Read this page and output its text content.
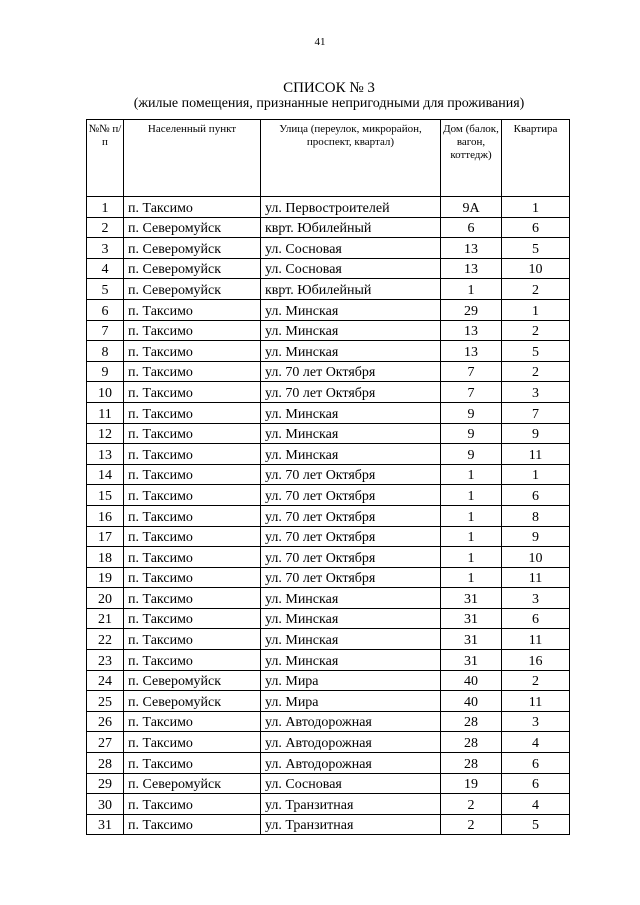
41
СПИСОК № 3
(жилые помещения, признанные непригодными для проживания)
№№ п/п	Населенный пункт	Улица (переулок, микрорайон, проспект, квартал)	Дом (балок, вагон, коттедж)	Квартира
1	п. Таксимо	ул. Первостроителей	9А	1
2	п. Северомуйск	кврт. Юбилейный	6	6
3	п. Северомуйск	ул. Сосновая	13	5
4	п. Северомуйск	ул. Сосновая	13	10
5	п. Северомуйск	кврт. Юбилейный	1	2
6	п. Таксимо	ул. Минская	29	1
7	п. Таксимо	ул. Минская	13	2
8	п. Таксимо	ул. Минская	13	5
9	п. Таксимо	ул. 70 лет Октября	7	2
10	п. Таксимо	ул. 70 лет Октября	7	3
11	п. Таксимо	ул. Минская	9	7
12	п. Таксимо	ул. Минская	9	9
13	п. Таксимо	ул. Минская	9	11
14	п. Таксимо	ул. 70 лет Октября	1	1
15	п. Таксимо	ул. 70 лет Октября	1	6
16	п. Таксимо	ул. 70 лет Октября	1	8
17	п. Таксимо	ул. 70 лет Октября	1	9
18	п. Таксимо	ул. 70 лет Октября	1	10
19	п. Таксимо	ул. 70 лет Октября	1	11
20	п. Таксимо	ул. Минская	31	3
21	п. Таксимо	ул. Минская	31	6
22	п. Таксимо	ул. Минская	31	11
23	п. Таксимо	ул. Минская	31	16
24	п. Северомуйск	ул. Мира	40	2
25	п. Северомуйск	ул. Мира	40	11
26	п. Таксимо	ул. Автодорожная	28	3
27	п. Таксимо	ул. Автодорожная	28	4
28	п. Таксимо	ул. Автодорожная	28	6
29	п. Северомуйск	ул. Сосновая	19	6
30	п. Таксимо	ул. Транзитная	2	4
31	п. Таксимо	ул. Транзитная	2	5
